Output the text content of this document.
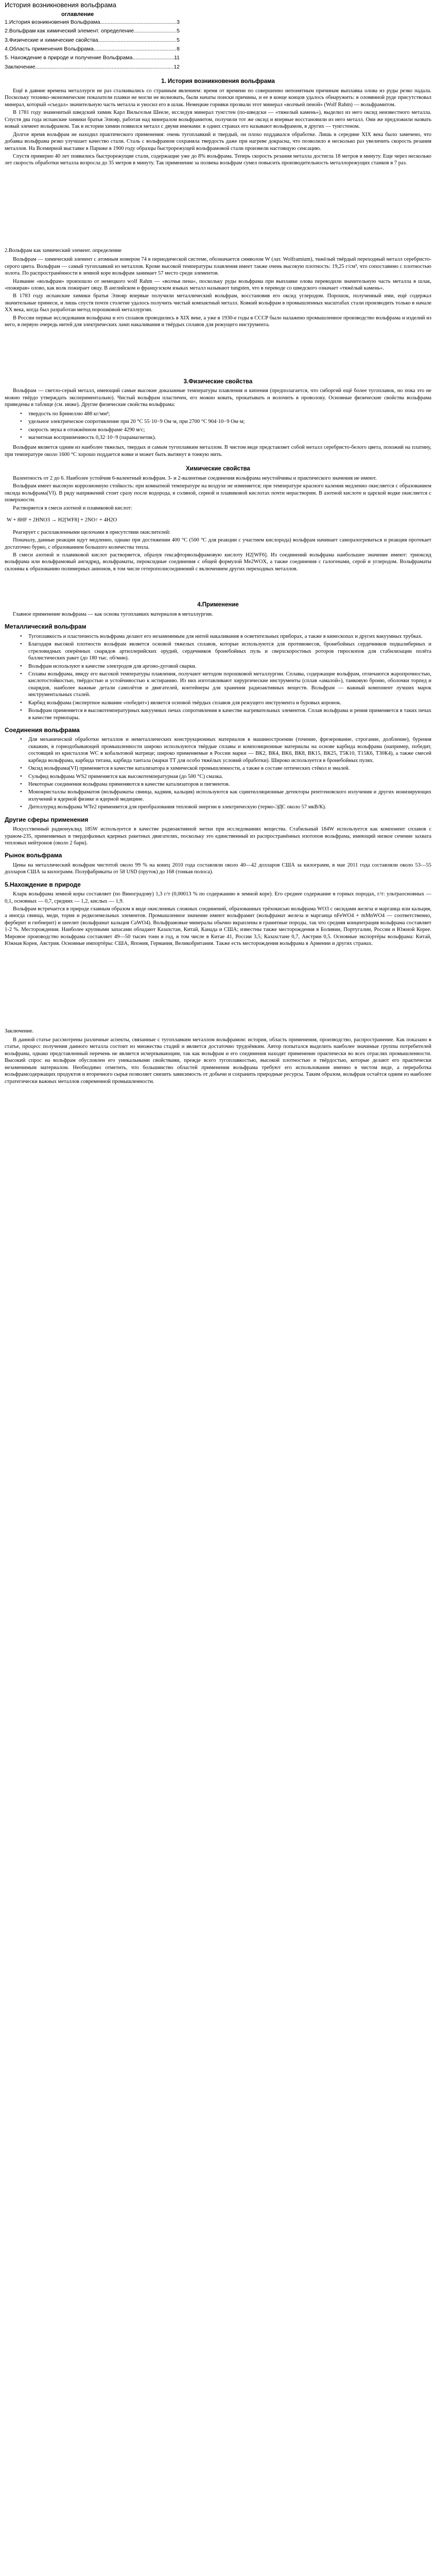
История возникновения вольфрама
оглавление
1.История возникновения Вольфрама .....	3
2.Вольфрам как химический элемент. определение .....	5
3.Физические и химические свойства .....	5
4.Область применения Вольфрама .....	8
5. Нахождение в природе и получение Вольфрама .....	11
Заключение .....	12
1. История возникновения вольфрама

Ещё в давние времена металлурги не раз сталкивались со странным явлением: время от времени по совершенно непонятным причинам выплавка олова из руды резко падала. Поскольку технико-экономические показатели плавки не могли не волновать, были начаты поиски причины, и ее в конце концов удалось обнаружить: в оловянной руде присутствовал минерал, который «съедал» значительную часть металла и уносил его в шлак. Немецкие горняки прозвали этот минерал «волчьей пеной» (Wolf Rahm) — вольфрамитом.

В 1781 году знаменитый шведский химик Карл Вильгельм Шееле, исследуя минерал тунгстен (по-шведски — «тяжелый камень»), выделил из него оксид неизвестного металла. Спустя два года испанские химики братья Элюяр, работая над минералом вольфрамитом, получили тот же оксид и впервые восстановили из него металл. Они же предложили назвать новый элемент вольфрамом. Так в истории химии появился металл с двумя именами: в одних странах его называют вольфрамом, в других — тунгстеном.

Долгое время вольфрам не находил практического применения: очень тугоплавкий и твердый, он плохо поддавался обработке. Лишь в середине XIX века было замечено, что добавка вольфрама резко улучшает качество стали. Сталь с вольфрамом сохраняла твердость даже при нагреве докрасна, что позволило в несколько раз увеличить скорость резания металлов. На Всемирной выставке в Париже в 1900 году образцы быстрорежущей вольфрамовой стали произвели настоящую сенсацию.

Спустя примерно 40 лет появились быстрорежущие стали, содержащие уже до 8% вольфрама. Теперь скорость резания металла достигла 18 метров в минуту. Еще через несколько лет скорость обработки металла возросла до 35 метров в минуту. Так применение за полвека вольфрам сумел повысить производительность металлорежущих станков в 7 раз.

2.Вольфрам как химический элемент. определение

Вольфрам — химический элемент с атомным номером 74 в периодической системе, обозначается символом W (лат. Wolframium), тяжёлый твёрдый переходный металл серебристо-серого цвета. Вольфрам — самый тугоплавкий из металлов. Кроме высокой температуры плавления имеет также очень высокую плотность: 19,25 г/см³, что сопоставимо с плотностью золота. По распространённости в земной коре вольфрам занимает 57 место среди элементов.

Название «вольфрам» произошло от немецкого wolf Rahm — «волчья пена», поскольку руды вольфрама при выплавке олова переводили значительную часть металла в шлак, «пожирая» олово, как волк пожирает овцу. В английском и французском языках металл называют tungsten, что в переводе со шведского означает «тяжёлый камень».

В 1783 году испанские химики братья Элюяр впервые получили металлический вольфрам, восстановив его оксид углеродом. Порошок, полученный ими, ещё содержал значительные примеси, и лишь спустя почти столетие удалось получить чистый компактный металл. Ковкий вольфрам в промышленных масштабах стали производить только в начале XX века, когда был разработан метод порошковой металлургии.

В России первые исследования вольфрама и его сплавов проводились в XIX веке, а уже в 1930-е годы в СССР было налажено промышленное производство вольфрама и изделий из него, в первую очередь нитей для электрических ламп накаливания и твёрдых сплавов для режущего инструмента.

3.Физические свойства

Вольфрам — светло-серый металл, имеющий самые высокие доказанные температуры плавления и кипения (предполагается, что сиборгий ещё более тугоплавок, но пока это не можно твёрдо утверждать экспериментально). Чистый вольфрам пластичен, его можно ковать, прокатывать и волочить в проволоку. Основные физические свойства вольфрама приведены в таблице (см. ниже). Другие физические свойства вольфрама:

• твердость по Бринеллю 488 кг/мм²;
• удельное электрическое сопротивление при 20 °C 55·10−9 Ом·м, при 2700 °C 904·10−9 Ом·м;
• скорость звука в отожжённом вольфраме 4290 м/с;
• магнитная восприимчивость 0,32·10−9 (парамагнетик).

Вольфрам является одним из наиболее тяжелых, твердых и самым тугоплавким металлом. В чистом виде представляет собой металл серебристо-белого цвета, похожий на платину, при температуре около 1600 °C хорошо поддается ковке и может быть вытянут в тонкую нить.

Химические свойства

Валентность от 2 до 6. Наиболее устойчив 6-валентный вольфрам. 3- и 2-валентные соединения вольфрама неустойчивы и практического значения не имеют.

Вольфрам имеет высокую коррозионную стойкость: при комнатной температуре на воздухе не изменяется; при температуре красного каления медленно окисляется с образованием оксида вольфрама(VI). В ряду напряжений стоит сразу после водорода, в соляной, серной и плавиковой кислотах почти нерастворим. В азотной кислоте и царской водке окисляется с поверхности.

Растворяется в смеси азотной и плавиковой кислот:

W + 8HF + 2HNO3 → H2[WF8] + 2NO↑ + 4H2O

Реагирует с расплавленными щелочами в присутствии окислителей:

Поначалу, данные реакции идут медленно, однако при достижении 400 °C (500 °C для реакции с участием кислорода) вольфрам начинает саморазогреваться и реакция протекает достаточно бурно, с образованием большого количества тепла.

В смеси азотной и плавиковой кислот растворяется, образуя гексафторвольфрамовую кислоту H2[WF6]. Из соединений вольфрама наибольшее значение имеют: триоксид вольфрама или вольфрамовый ангидрид, вольфраматы, пероксидные соединения с общей формулой Me2WOX, а также соединения с галогенами, серой и углеродом. Вольфраматы склонны к образованию полимерных анионов, в том числе гетерополисоединений с включением других переходных металлов.

4.Применение

Главное применение вольфрама — как основа тугоплавких материалов в металлургии.

Металлический вольфрам
• Тугоплавкость и пластичность вольфрама делают его незаменимым для нитей накаливания в осветительных приборах, а также в кинескопах и других вакуумных трубках.
• Благодаря высокой плотности вольфрам является основой тяжелых сплавов, которые используются для противовесов, бронебойных сердечников подкалиберных и стреловидных оперённых снарядов артиллерийских орудий, сердечников бронебойных пуль и сверхскоростных роторов гироскопов для стабилизации полёта баллистических ракет (до 180 тыс. об/мин).
• Вольфрам используют в качестве электродов для аргоно-дуговой сварки.
• Сплавы вольфрама, ввиду его высокой температуры плавления, получают методом порошковой металлургии. Сплавы, содержащие вольфрам, отличаются жаропрочностью, кислотостойкостью, твёрдостью и устойчивостью к истиранию. Из них изготавливают хирургические инструменты (сплав «амалой»), танковую броню, оболочки торпед и снарядов, наиболее важные детали самолётов и двигателей, контейнеры для хранения радиоактивных веществ. Вольфрам — важный компонент лучших марок инструментальных сталей.
• Карбид вольфрама (экспертное название «победит») является основой твёрдых сплавов для режущего инструмента и буровых коронок.
• Вольфрам применяется в высокотемпературных вакуумных печах сопротивления в качестве нагревательных элементов. Сплав вольфрама и рения применяется в таких печах в качестве термопары.
Соединения вольфрама
• Для механической обработки металлов и неметаллических конструкционных материалов в машиностроении (точение, фрезерование, строгание, долбление), бурения скважин, в горнодобывающей промышленности широко используются твёрдые сплавы и композиционные материалы на основе карбида вольфрама (например, победит, состоящий из кристаллов WC в кобальтовой матрице; широко применяемые в России марки — ВК2, ВК4, ВК6, ВК8, ВК15, ВК25, Т5К10, Т15К6, Т30К4), а также смесей карбида вольфрама, карбида титана, карбида тантала (марки ТТ для особо тяжёлых условий обработки). Широко используется в бронебойных пулях.
• Оксид вольфрама(VI) применяется в качестве катализатора в химической промышленности, а также в составе оптических стёкол и эмалей.
• Сульфид вольфрама WS2 применяется как высокотемпературная (до 500 °C) смазка.
• Некоторые соединения вольфрама применяются в качестве катализаторов и пигментов.
• Монокристаллы вольфраматов (вольфраматы свинца, кадмия, кальция) используются как сцинтилляционные детекторы рентгеновского излучения и других ионизирующих излучений в ядерной физике и ядерной медицине.
• Дителлурид вольфрама WTe2 применяется для преобразования тепловой энергии в электрическую (термо-ЭДС около 57 мкВ/К).
Другие сферы применения

Искусственный радионуклид 185W используется в качестве радиоактивной метки при исследованиях вещества. Стабильный 184W используется как компонент сплавов с ураном-235, применяемых в твердофазных ядерных ракетных двигателях, поскольку это единственный из распространённых изотопов вольфрама, имеющий низкое сечение захвата тепловых нейтронов (около 2 барн).

Рынок вольфрама

Цены на металлический вольфрам чистотой около 99 % на конец 2010 года составляли около 40—42 долларов США за килограмм, в мае 2011 года составляли около 53—55 долларов США за килограмм. Полуфабрикаты от 58 USD (пруток) до 168 (тонкая полоса).

5.Нахождение в природе

Кларк вольфрама земной коры составляет (по Виноградову) 1,3 г/т (0,00013 % по содержанию в земной коре). Его среднее содержание в горных породах, г/т: ультраосновных — 0,1, основных — 0,7, средних — 1,2, кислых — 1,9.

Вольфрам встречается в природе главным образом в виде окисленных сложных соединений, образованных трёхокисью вольфрама WO3 с оксидами железа и марганца или кальция, а иногда свинца, меди, тория и редкоземельных элементов. Промышленное значение имеют вольфрамит (вольфрамат железа и марганца nFeWO4 + mMnWO4 — соответственно, ферберит и гюбнерит) и шеелит (вольфрамат кальция CaWO4). Вольфрамовые минералы обычно вкраплены в гранитные породы, так что средняя концентрация вольфрама составляет 1-2 %. Месторождения. Наиболее крупными запасами обладают Казахстан, Китай, Канада и США; известны также месторождения в Боливии, Португалии, России и Южной Корее. Мировое производство вольфрама составляет 49—50 тысяч тонн в год, в том числе в Китае 41, России 3,5; Казахстане 0,7, Австрии 0,5. Основные экспортёры вольфрама: Китай, Южная Корея, Австрия. Основные импортёры: США, Япония, Германия, Великобритания. Также есть месторождения вольфрама в Армении и других странах.

Заключение.

В данной статье рассмотрены различные аспекты, связанные с тугоплавким металлом вольфрамом: история, область применения, производство, распространение. Как показано в статье, процесс получения данного металла состоит из множества стадий и является достаточно трудоёмким. Автор попытался выделить наиболее значимые группы потребителей вольфрама, однако представленный перечень не является исчерпывающим, так как вольфрам и его соединения находят применение практически во всех отраслях промышленности. Высокий спрос на вольфрам обусловлен его уникальными свойствами, прежде всего тугоплавкостью, высокой плотностью и твёрдостью, которые делают его практически незаменимым материалом. Необходимо отметить, что большинство областей применения вольфрама требуют его использования именно в чистом виде, а переработка вольфрамсодержащих продуктов и вторичного сырья позволяет снизить зависимость от добычи и сохранить природные ресурсы. Таким образом, вольфрам остаётся одним из наиболее стратегически важных металлов современной промышленности.
